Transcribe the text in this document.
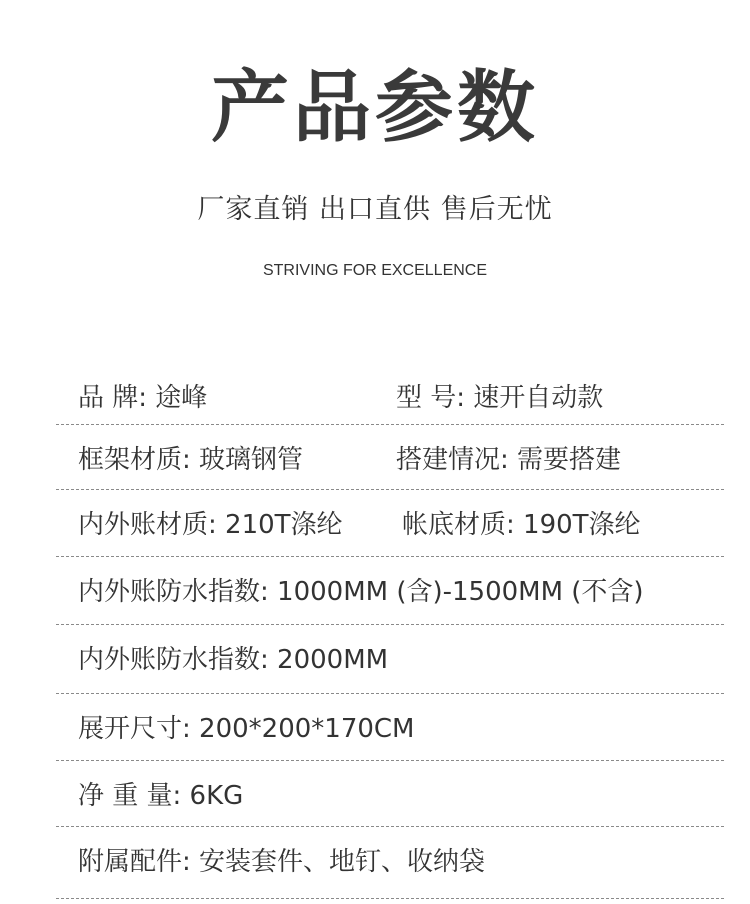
产品参数
厂家直销 出口直供 售后无忧
STRIVING FOR EXCELLENCE
品 牌: 途峰	型 号: 速开自动款
框架材质: 玻璃钢管	搭建情况: 需要搭建
内外账材质: 210T涤纶 帐底材质: 190T涤纶
内外账防水指数: 1000MM (含)-1500MM (不含)
内外账防水指数: 2000MM
展开尺寸: 200*200*170CM
净 重 量: 6KG
附属配件: 安装套件、地钉、收纳袋
